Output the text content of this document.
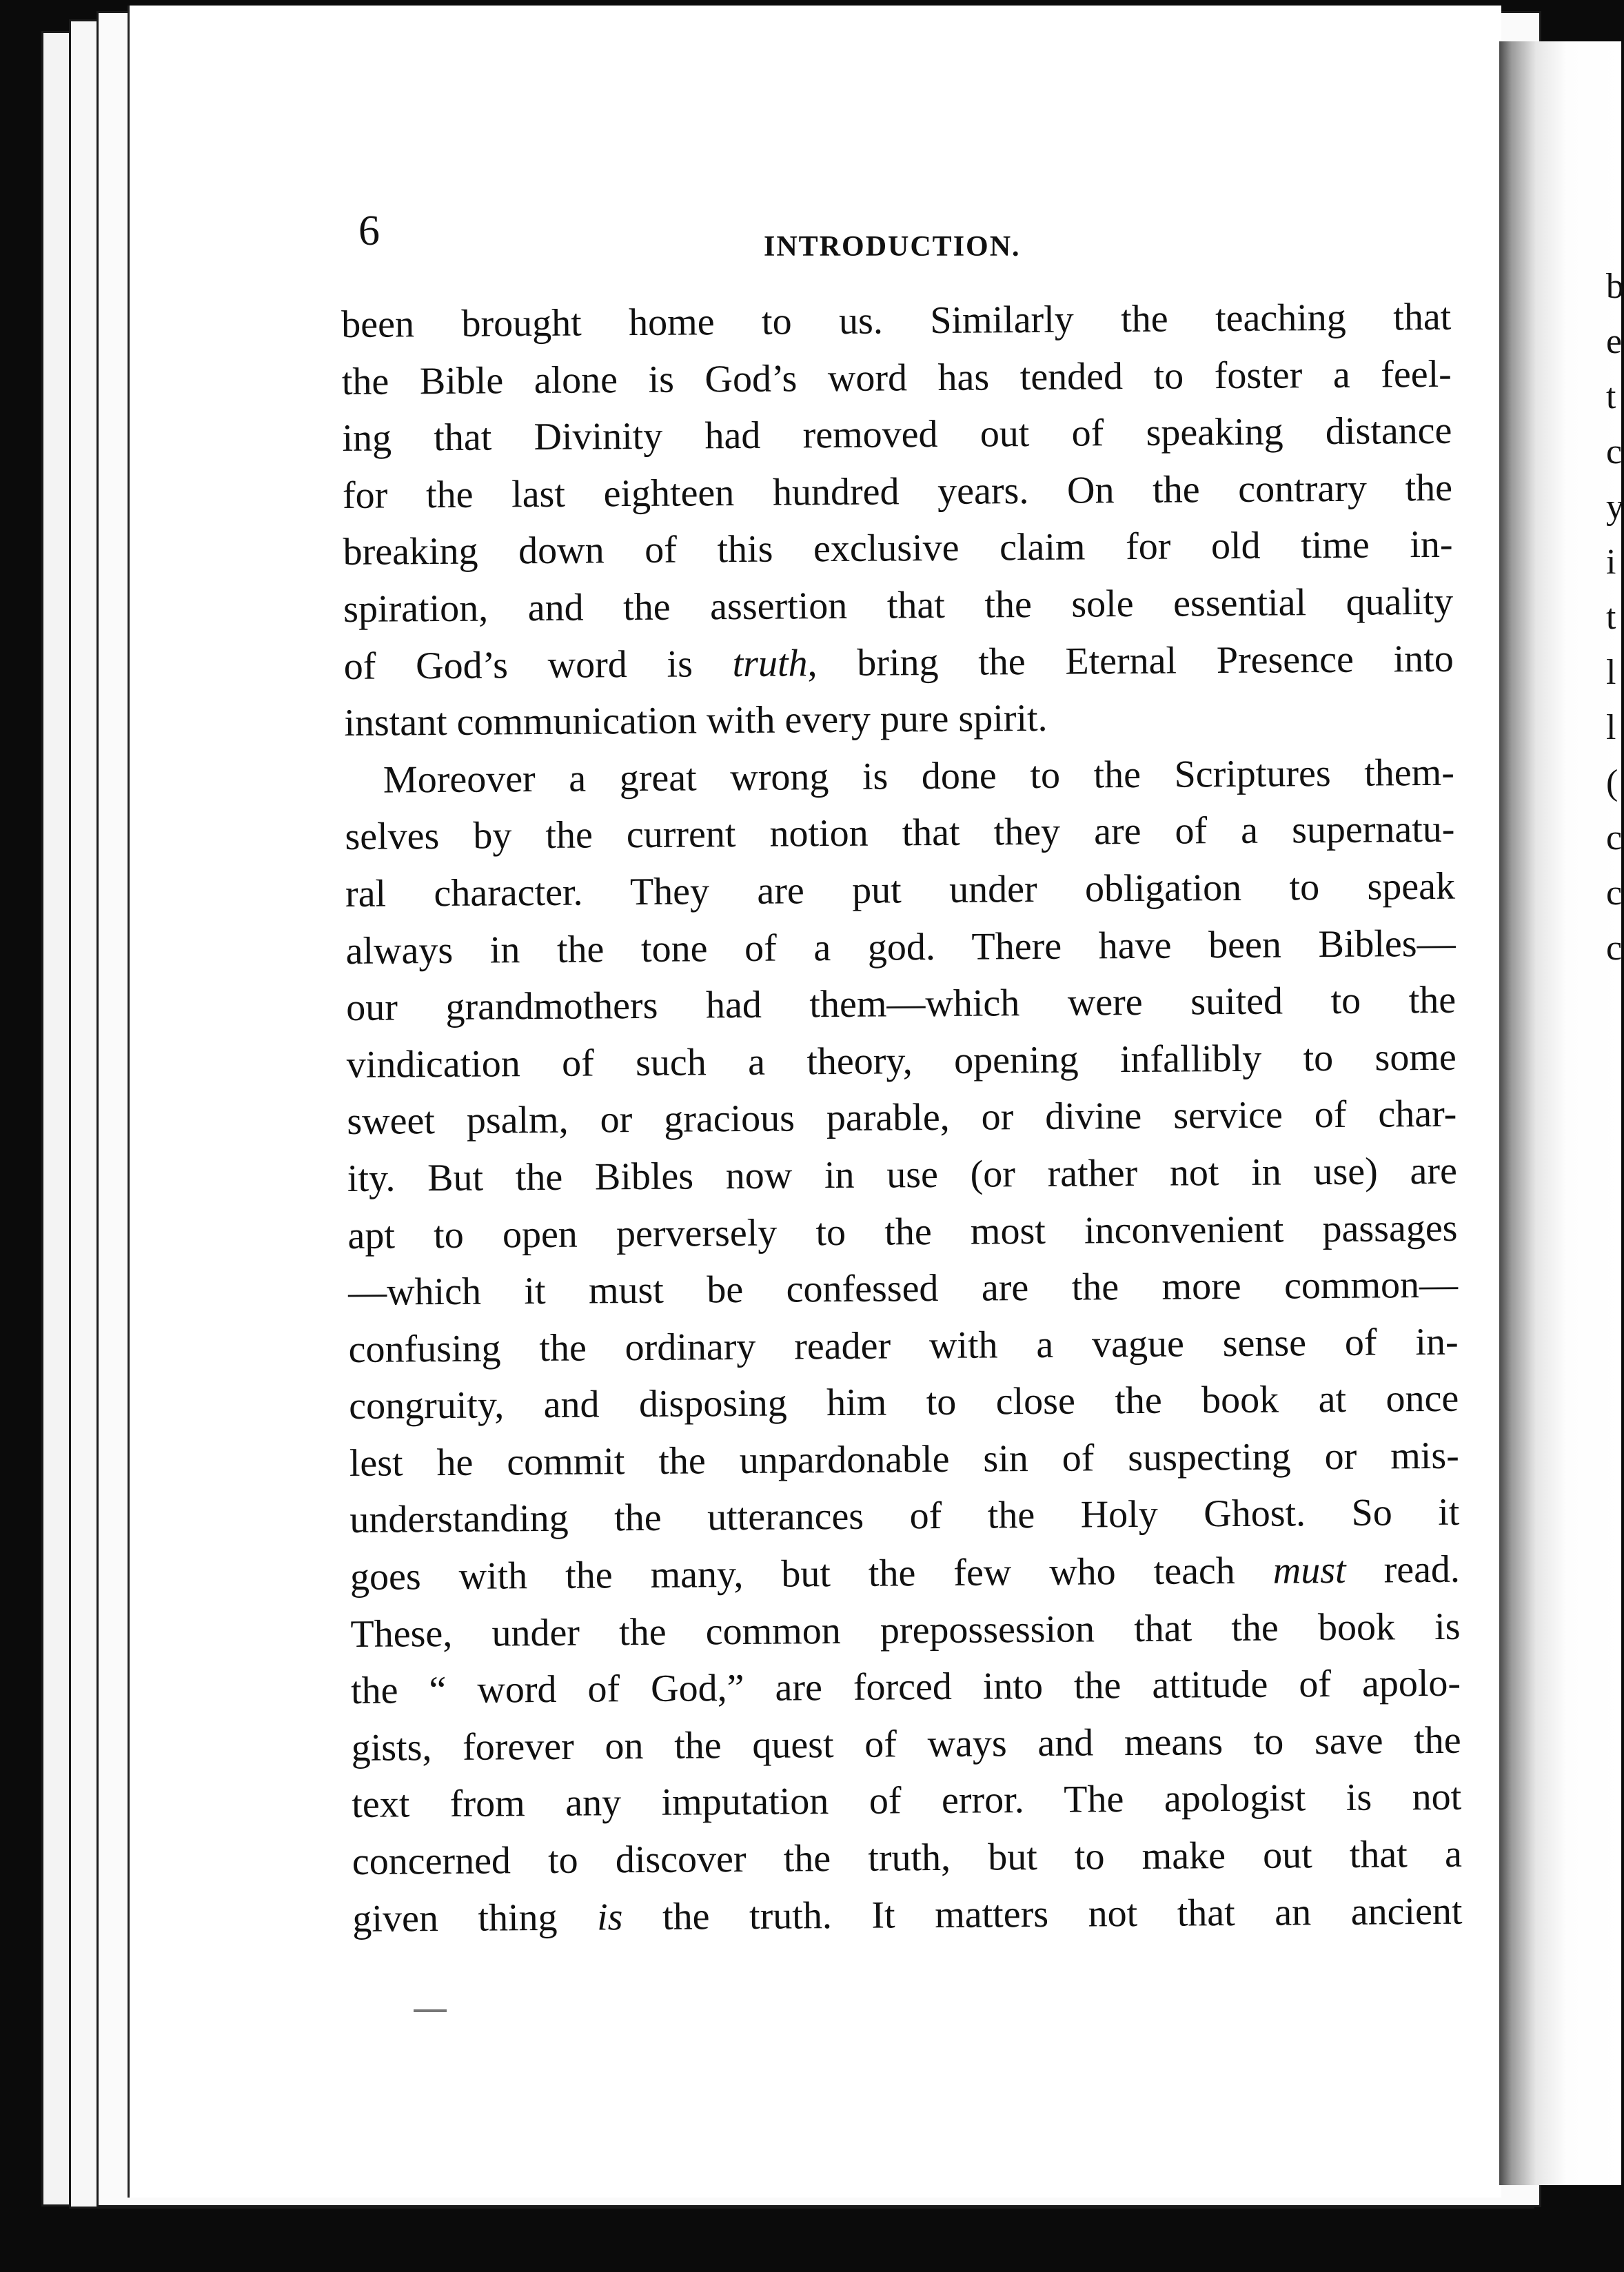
b
e
t
c
y
i
t
l
l
(
c
c
c
6	INTRODUCTION.
been brought home to us. Similarly the teaching that
the Bible alone is God’s word has tended to foster a feel-
ing that Divinity had removed out of speaking distance
for the last eighteen hundred years. On the contrary the
breaking down of this exclusive claim for old time in-
spiration, and the assertion that the sole essential quality
of God’s word is truth, bring the Eternal Presence into
instant communication with every pure spirit.
Moreover a great wrong is done to the Scriptures them-
selves by the current notion that they are of a supernatu-
ral character. They are put under obligation to speak
always in the tone of a god. There have been Bibles—
our grandmothers had them—which were suited to the
vindication of such a theory, opening infallibly to some
sweet psalm, or gracious parable, or divine service of char-
ity. But the Bibles now in use (or rather not in use) are
apt to open perversely to the most inconvenient passages
—which it must be confessed are the more common—
confusing the ordinary reader with a vague sense of in-
congruity, and disposing him to close the book at once
lest he commit the unpardonable sin of suspecting or mis-
understanding the utterances of the Holy Ghost. So it
goes with the many, but the few who teach must read.
These, under the common prepossession that the book is
the “ word of God,” are forced into the attitude of apolo-
gists, forever on the quest of ways and means to save the
text from any imputation of error. The apologist is not
concerned to discover the truth, but to make out that a
given thing is the truth. It matters not that an ancient
